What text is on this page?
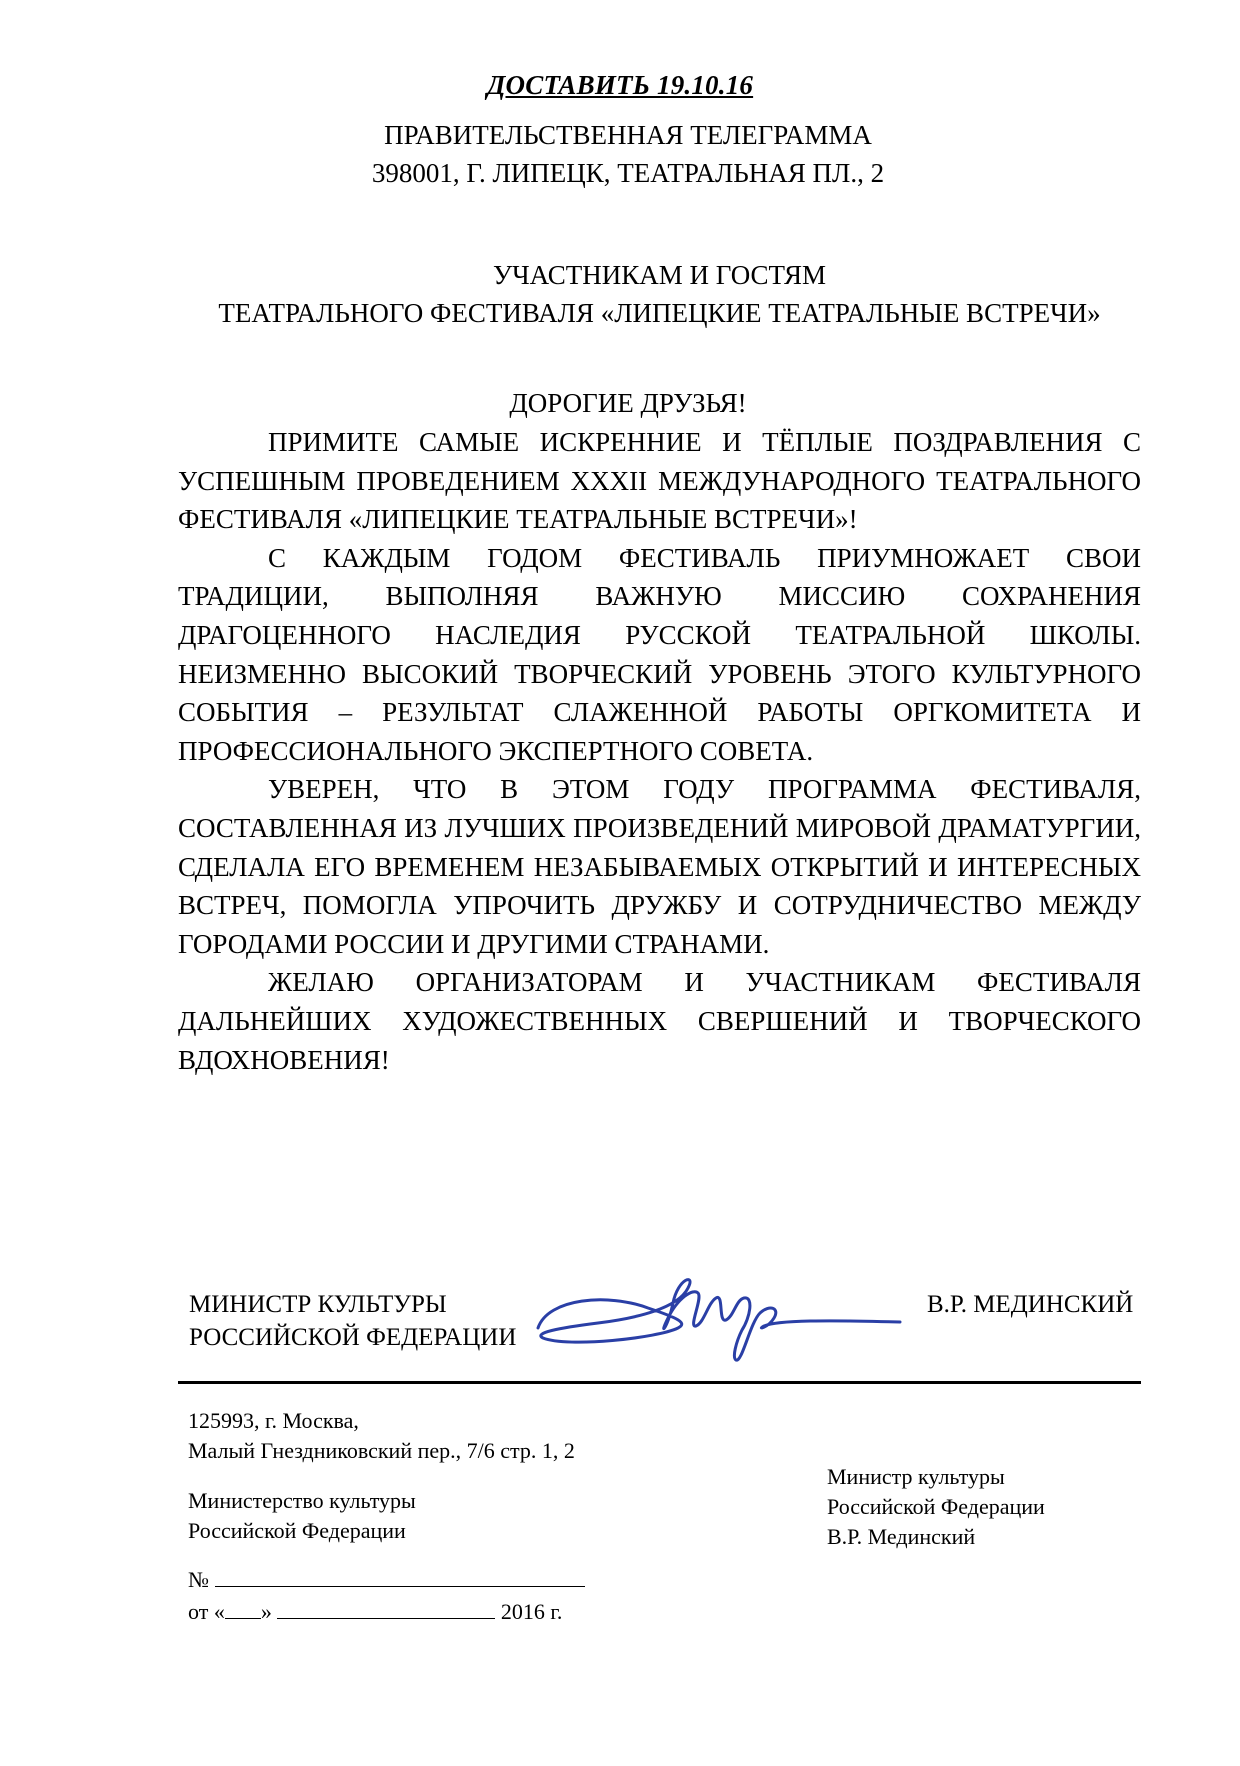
ДОСТАВИТЬ 19.10.16
ПРАВИТЕЛЬСТВЕННАЯ ТЕЛЕГРАММА
398001, Г. ЛИПЕЦК, ТЕАТРАЛЬНАЯ ПЛ., 2
УЧАСТНИКАМ И ГОСТЯМ
ТЕАТРАЛЬНОГО ФЕСТИВАЛЯ «ЛИПЕЦКИЕ ТЕАТРАЛЬНЫЕ ВСТРЕЧИ»
ДОРОГИЕ ДРУЗЬЯ!

ПРИМИТЕ САМЫЕ ИСКРЕННИЕ И ТЁПЛЫЕ ПОЗДРАВЛЕНИЯ С УСПЕШНЫМ ПРОВЕДЕНИЕМ XXXII МЕЖДУНАРОДНОГО ТЕАТРАЛЬНОГО ФЕСТИВАЛЯ «ЛИПЕЦКИЕ ТЕАТРАЛЬНЫЕ ВСТРЕЧИ»!

С КАЖДЫМ ГОДОМ ФЕСТИВАЛЬ ПРИУМНОЖАЕТ СВОИ ТРАДИЦИИ, ВЫПОЛНЯЯ ВАЖНУЮ МИССИЮ СОХРАНЕНИЯ ДРАГОЦЕННОГО НАСЛЕДИЯ РУССКОЙ ТЕАТРАЛЬНОЙ ШКОЛЫ. НЕИЗМЕННО ВЫСОКИЙ ТВОРЧЕСКИЙ УРОВЕНЬ ЭТОГО КУЛЬТУРНОГО СОБЫТИЯ – РЕЗУЛЬТАТ СЛАЖЕННОЙ РАБОТЫ ОРГКОМИТЕТА И ПРОФЕССИОНАЛЬНОГО ЭКСПЕРТНОГО СОВЕТА.

УВЕРЕН, ЧТО В ЭТОМ ГОДУ ПРОГРАММА ФЕСТИВАЛЯ, СОСТАВЛЕННАЯ ИЗ ЛУЧШИХ ПРОИЗВЕДЕНИЙ МИРОВОЙ ДРАМАТУРГИИ, СДЕЛАЛА ЕГО ВРЕМЕНЕМ НЕЗАБЫВАЕМЫХ ОТКРЫТИЙ И ИНТЕРЕСНЫХ ВСТРЕЧ, ПОМОГЛА УПРОЧИТЬ ДРУЖБУ И СОТРУДНИЧЕСТВО МЕЖДУ ГОРОДАМИ РОССИИ И ДРУГИМИ СТРАНАМИ.

ЖЕЛАЮ ОРГАНИЗАТОРАМ И УЧАСТНИКАМ ФЕСТИВАЛЯ ДАЛЬНЕЙШИХ ХУДОЖЕСТВЕННЫХ СВЕРШЕНИЙ И ТВОРЧЕСКОГО ВДОХНОВЕНИЯ!

МИНИСТР КУЛЬТУРЫ
РОССИЙСКОЙ ФЕДЕРАЦИИ
В.Р. МЕДИНСКИЙ
125993, г. Москва,
Малый Гнездниковский пер., 7/6 стр. 1, 2
Министерство культуры
Российской Федерации
№
от « »	2016 г.
Министр культуры
Российской Федерации
В.Р. Мединский
